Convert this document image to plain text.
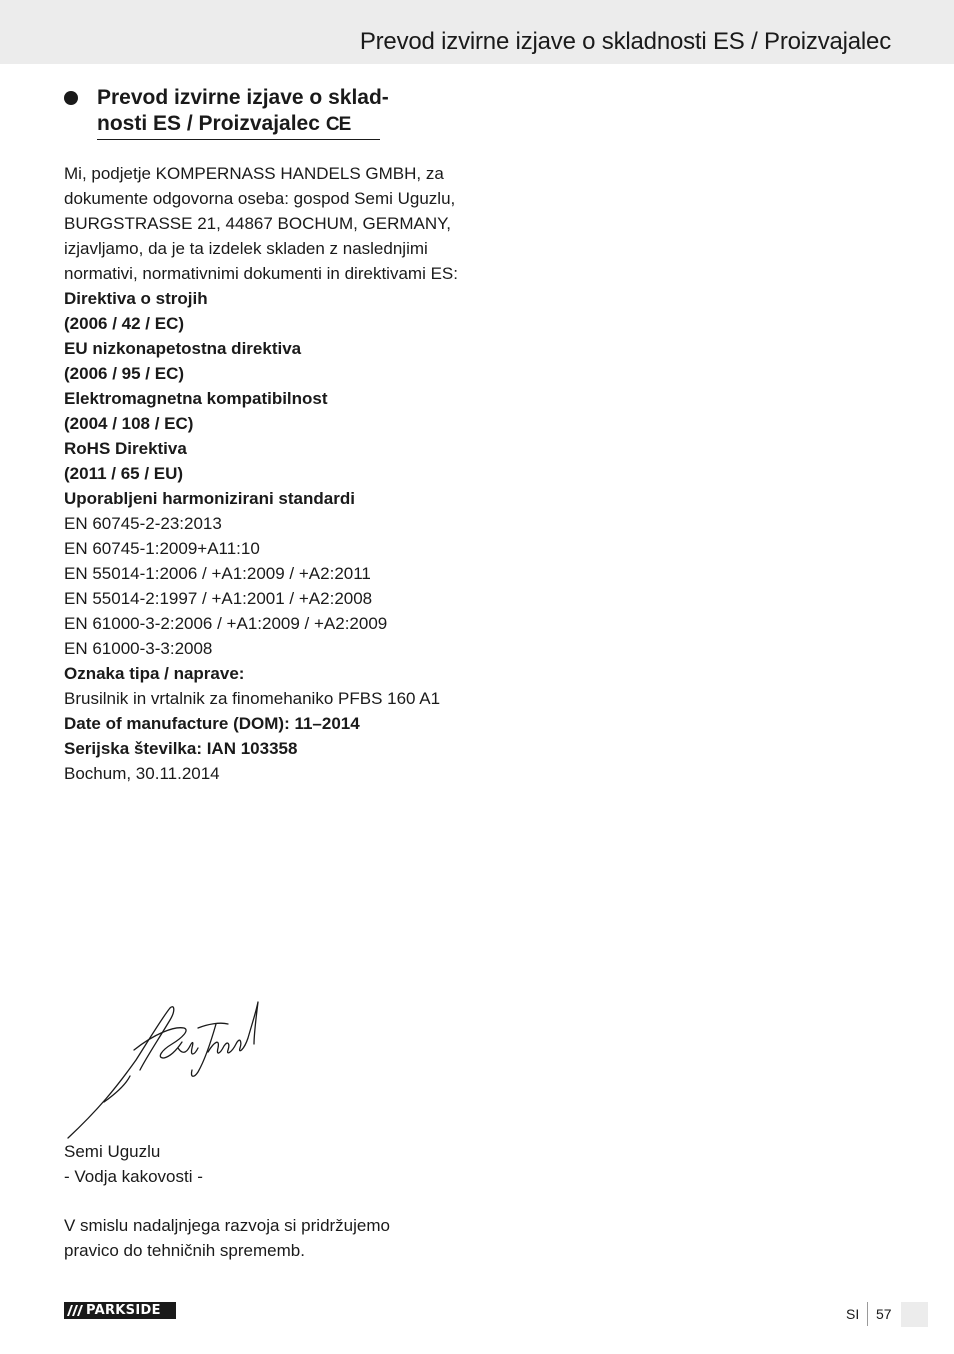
Prevod izvirne izjave o skladnosti ES / Proizvajalec
Prevod izvirne izjave o sklad-
nosti ES / Proizvajalec CE

Mi, podjetje KOMPERNASS HANDELS GMBH, za
dokumente odgovorna oseba: gospod Semi Uguzlu,
BURGSTRASSE 21, 44867 BOCHUM, GERMANY,
izjavljamo, da je ta izdelek skladen z naslednjimi
normativi, normativnimi dokumenti in direktivami ES:

Direktiva o strojih
(2006 / 42 / EC)

EU nizkonapetostna direktiva
(2006 / 95 / EC)

Elektromagnetna kompatibilnost
(2004 / 108 / EC)

RoHS Direktiva
(2011 / 65 / EU)

Uporabljeni harmonizirani standardi
EN 60745-2-23:2013
EN 60745-1:2009+A11:10
EN 55014-1:2006 / +A1:2009 / +A2:2011
EN 55014-2:1997 / +A1:2001 / +A2:2008
EN 61000-3-2:2006 / +A1:2009 / +A2:2009
EN 61000-3-3:2008

Oznaka tipa / naprave:
Brusilnik in vrtalnik za finomehaniko PFBS 160 A1

Date of manufacture (DOM): 11–2014
Serijska številka: IAN 103358

Bochum, 30.11.2014

Semi Uguzlu
- Vodja kakovosti -
V smislu nadaljnjega razvoja si pridržujemo
pravico do tehničnih sprememb.
PARKSIDE	SI 57
